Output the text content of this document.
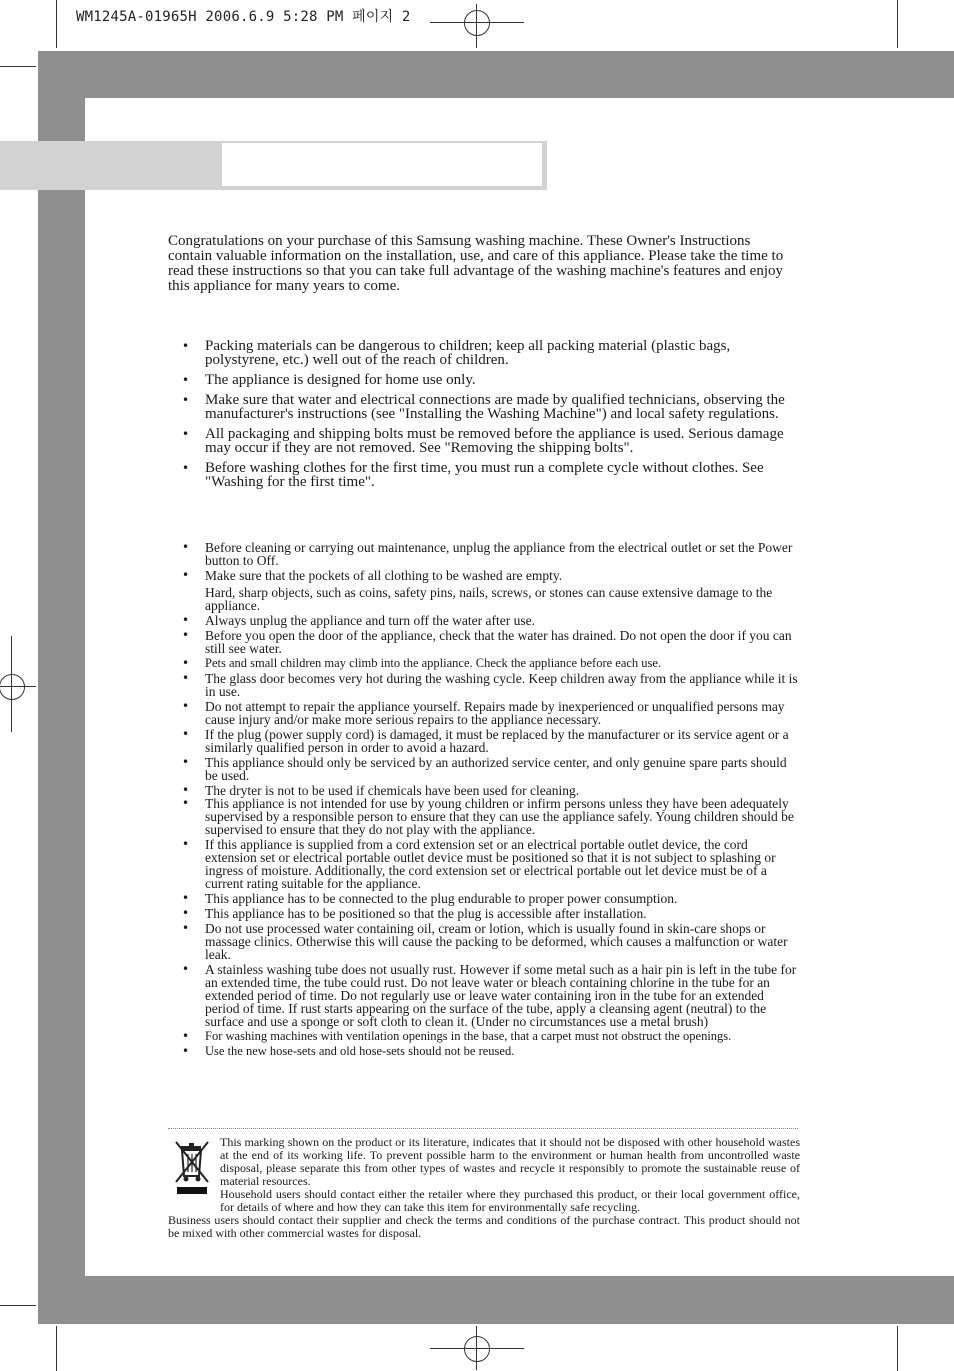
WM1245A-01965H 2006.6.9 5:28 PM 페이지 2
Congratulations on your purchase of this Samsung washing machine. These Owner's Instructions contain valuable information on the installation, use, and care of this appliance. Please take the time to read these instructions so that you can take full advantage of the washing machine's features and enjoy this appliance for many years to come.
• Packing materials can be dangerous to children; keep all packing material (plastic bags, polystyrene, etc.) well out of the reach of children.
• The appliance is designed for home use only.
• Make sure that water and electrical connections are made by qualified technicians, observing the manufacturer's instructions (see "Installing the Washing Machine") and local safety regulations.
• All packaging and shipping bolts must be removed before the appliance is used. Serious damage may occur if they are not removed. See "Removing the shipping bolts".
• Before washing clothes for the first time, you must run a complete cycle without clothes. See "Washing for the first time".
• Before cleaning or carrying out maintenance, unplug the appliance from the electrical outlet or set the Power button to Off.
• Make sure that the pockets of all clothing to be washed are empty.
Hard, sharp objects, such as coins, safety pins, nails, screws, or stones can cause extensive damage to the appliance.
• Always unplug the appliance and turn off the water after use.
• Before you open the door of the appliance, check that the water has drained. Do not open the door if you can still see water.
• Pets and small children may climb into the appliance. Check the appliance before each use.
• The glass door becomes very hot during the washing cycle. Keep children away from the appliance while it is in use.
• Do not attempt to repair the appliance yourself. Repairs made by inexperienced or unqualified persons may cause injury and/or make more serious repairs to the appliance necessary.
• If the plug (power supply cord) is damaged, it must be replaced by the manufacturer or its service agent or a similarly qualified person in order to avoid a hazard.
• This appliance should only be serviced by an authorized service center, and only genuine spare parts should be used.
• The dryter is not to be used if chemicals have been used for cleaning.
• This appliance is not intended for use by young children or infirm persons unless they have been adequately supervised by a responsible person to ensure that they can use the appliance safely. Young children should be supervised to ensure that they do not play with the appliance.
• If this appliance is supplied from a cord extension set or an electrical portable outlet device, the cord extension set or electrical portable outlet device must be positioned so that it is not subject to splashing or ingress of moisture. Additionally, the cord extension set or electrical portable out let device must be of a current rating suitable for the appliance.
• This appliance has to be connected to the plug endurable to proper power consumption.
• This appliance has to be positioned so that the plug is accessible after installation.
• Do not use processed water containing oil, cream or lotion, which is usually found in skin-care shops or massage clinics. Otherwise this will cause the packing to be deformed, which causes a malfunction or water leak.
• A stainless washing tube does not usually rust. However if some metal such as a hair pin is left in the tube for an extended time, the tube could rust. Do not leave water or bleach containing chlorine in the tube for an extended period of time. Do not regularly use or leave water containing iron in the tube for an extended period of time. If rust starts appearing on the surface of the tube, apply a cleansing agent (neutral) to the surface and use a sponge or soft cloth to clean it. (Under no circumstances use a metal brush)
• For washing machines with ventilation openings in the base, that a carpet must not obstruct the openings.
• Use the new hose-sets and old hose-sets should not be reused.

This marking shown on the product or its literature, indicates that it should not be disposed with other household wastes at the end of its working life. To prevent possible harm to the environment or human health from uncontrolled waste disposal, please separate this from other types of wastes and recycle it responsibly to promote the sustainable reuse of material resources.

Household users should contact either the retailer where they purchased this product, or their local government office, for details of where and how they can take this item for environmentally safe recycling.

Business users should contact their supplier and check the terms and conditions of the purchase contract. This product should not be mixed with other commercial wastes for disposal.
